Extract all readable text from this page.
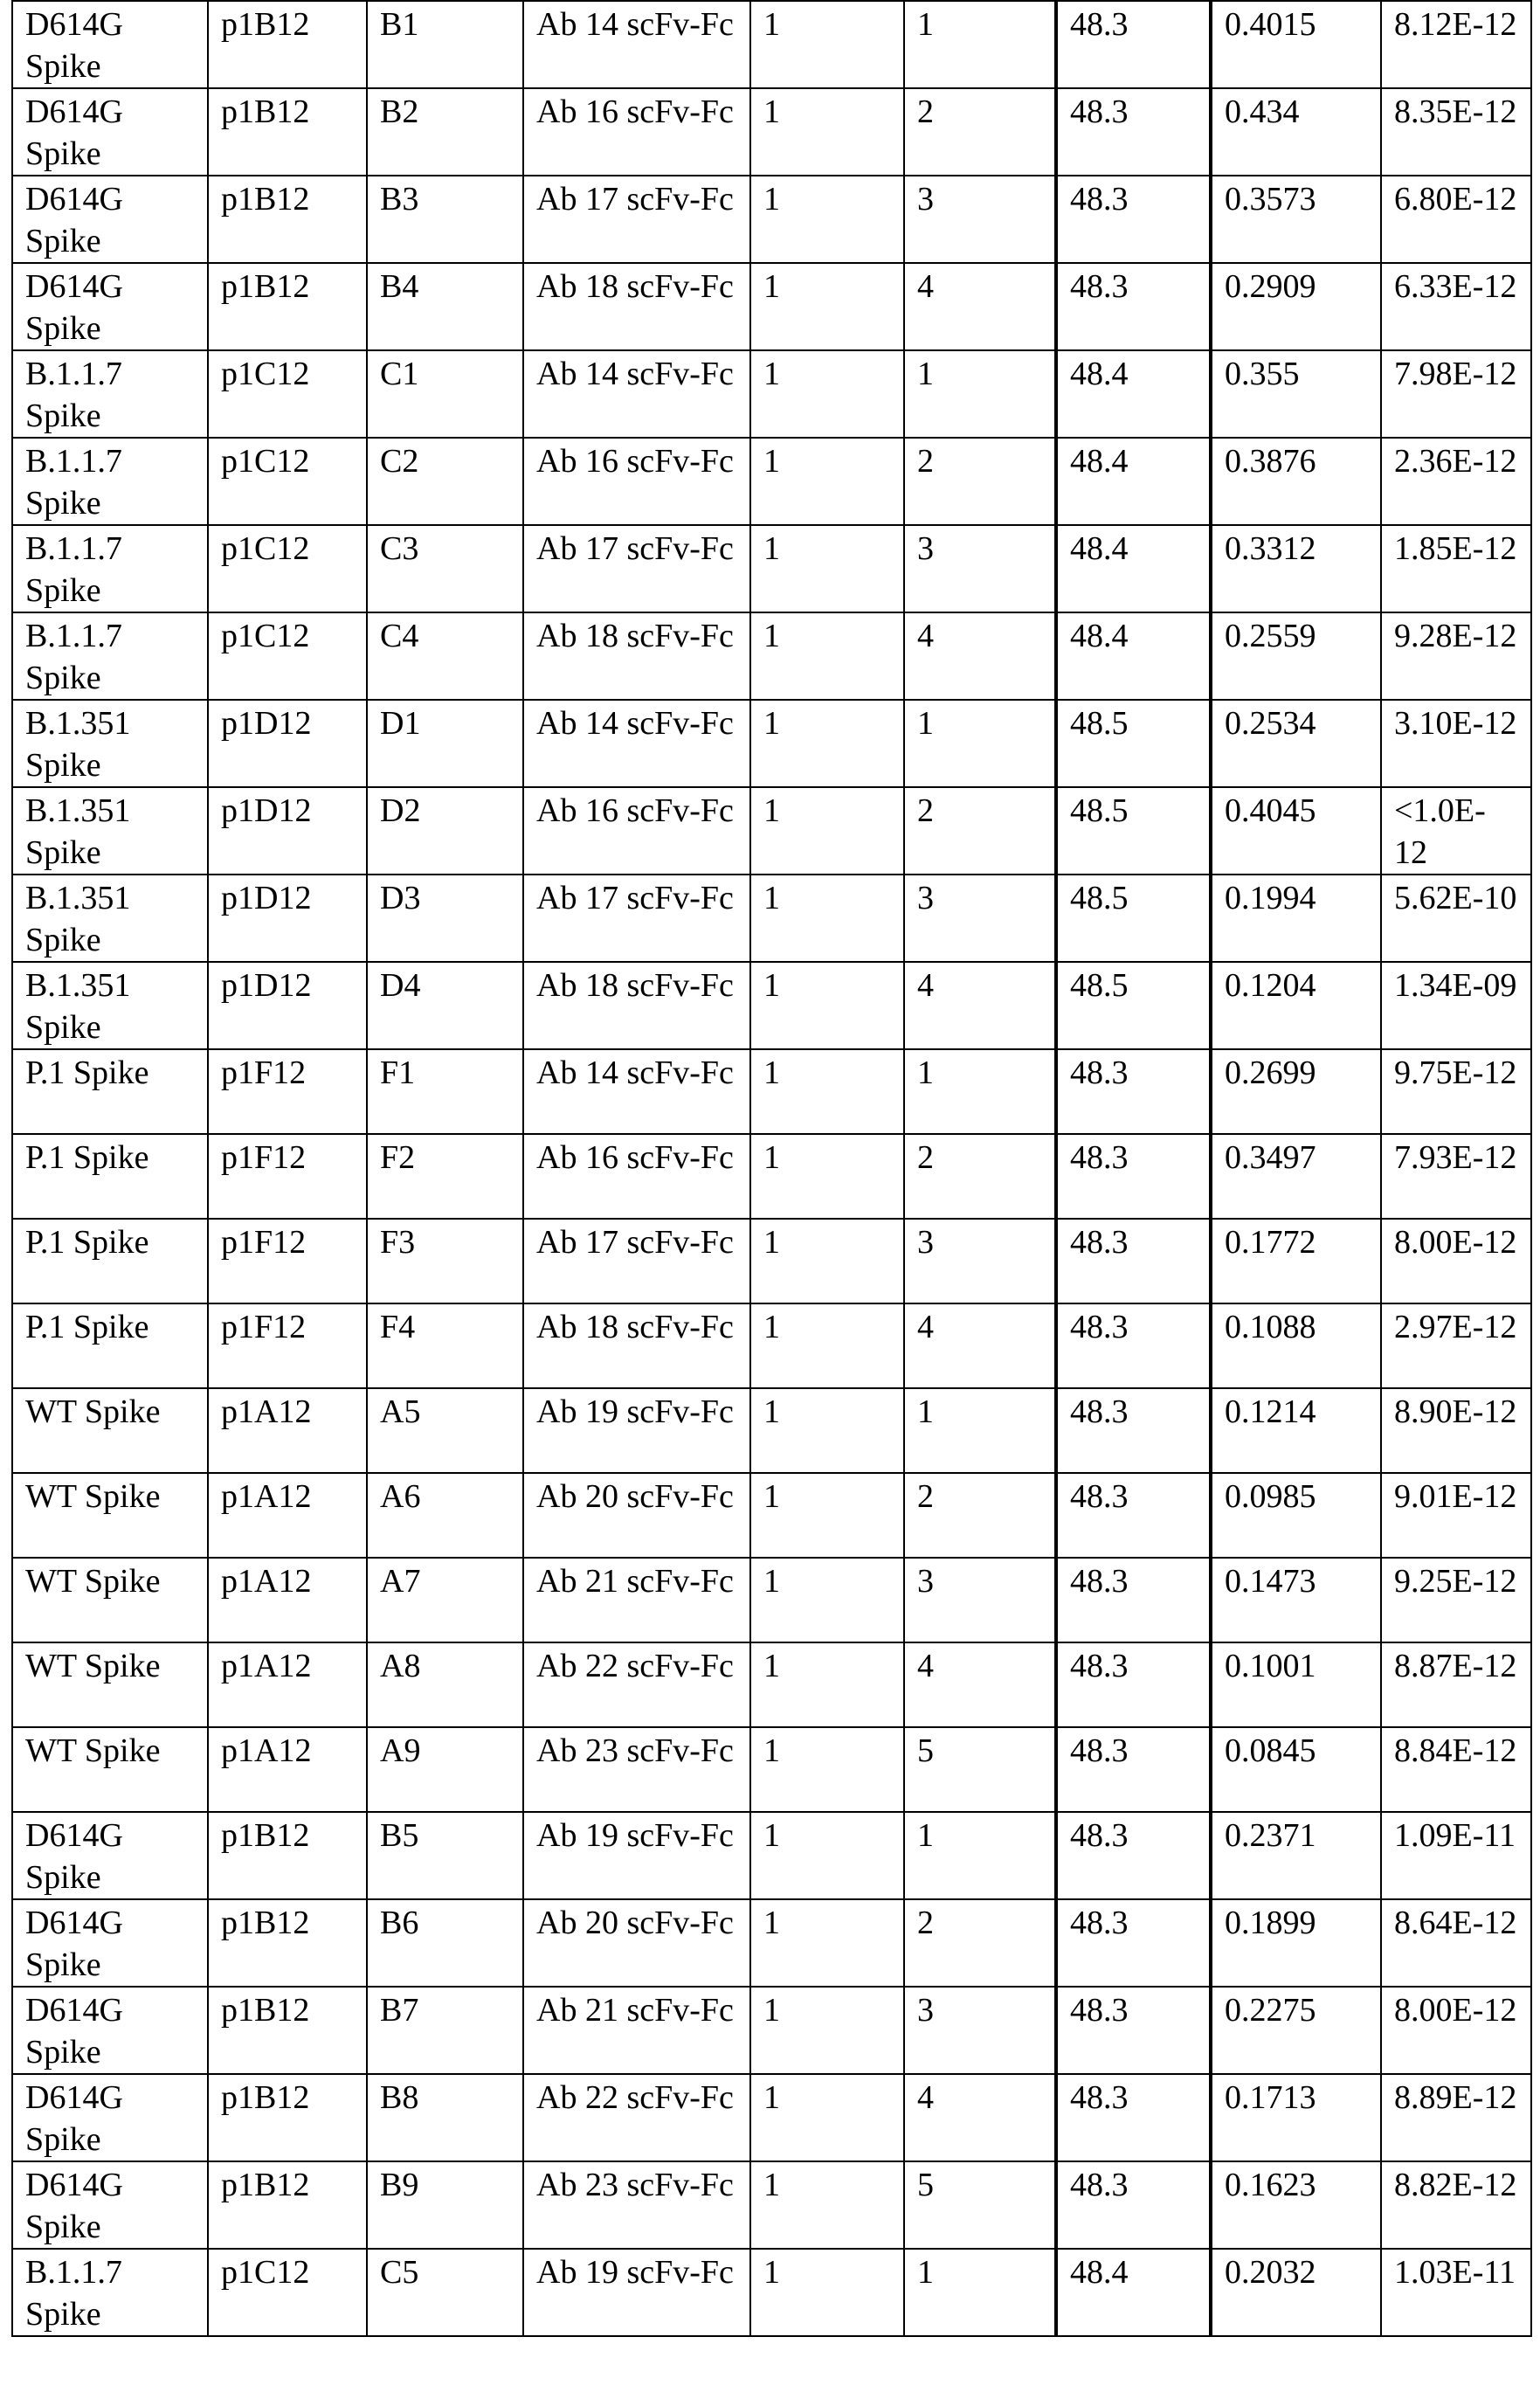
D614G Spike	p1B12	B1	Ab 14 scFv-Fc	1	1	48.3	0.4015	8.12E-12
D614G Spike	p1B12	B2	Ab 16 scFv-Fc	1	2	48.3	0.434	8.35E-12
D614G Spike	p1B12	B3	Ab 17 scFv-Fc	1	3	48.3	0.3573	6.80E-12
D614G Spike	p1B12	B4	Ab 18 scFv-Fc	1	4	48.3	0.2909	6.33E-12
B.1.1.7 Spike	p1C12	C1	Ab 14 scFv-Fc	1	1	48.4	0.355	7.98E-12
B.1.1.7 Spike	p1C12	C2	Ab 16 scFv-Fc	1	2	48.4	0.3876	2.36E-12
B.1.1.7 Spike	p1C12	C3	Ab 17 scFv-Fc	1	3	48.4	0.3312	1.85E-12
B.1.1.7 Spike	p1C12	C4	Ab 18 scFv-Fc	1	4	48.4	0.2559	9.28E-12
B.1.351 Spike	p1D12	D1	Ab 14 scFv-Fc	1	1	48.5	0.2534	3.10E-12
B.1.351 Spike	p1D12	D2	Ab 16 scFv-Fc	1	2	48.5	0.4045	<1.0E-12
B.1.351 Spike	p1D12	D3	Ab 17 scFv-Fc	1	3	48.5	0.1994	5.62E-10
B.1.351 Spike	p1D12	D4	Ab 18 scFv-Fc	1	4	48.5	0.1204	1.34E-09
P.1 Spike	p1F12	F1	Ab 14 scFv-Fc	1	1	48.3	0.2699	9.75E-12
P.1 Spike	p1F12	F2	Ab 16 scFv-Fc	1	2	48.3	0.3497	7.93E-12
P.1 Spike	p1F12	F3	Ab 17 scFv-Fc	1	3	48.3	0.1772	8.00E-12
P.1 Spike	p1F12	F4	Ab 18 scFv-Fc	1	4	48.3	0.1088	2.97E-12
WT Spike	p1A12	A5	Ab 19 scFv-Fc	1	1	48.3	0.1214	8.90E-12
WT Spike	p1A12	A6	Ab 20 scFv-Fc	1	2	48.3	0.0985	9.01E-12
WT Spike	p1A12	A7	Ab 21 scFv-Fc	1	3	48.3	0.1473	9.25E-12
WT Spike	p1A12	A8	Ab 22 scFv-Fc	1	4	48.3	0.1001	8.87E-12
WT Spike	p1A12	A9	Ab 23 scFv-Fc	1	5	48.3	0.0845	8.84E-12
D614G Spike	p1B12	B5	Ab 19 scFv-Fc	1	1	48.3	0.2371	1.09E-11
D614G Spike	p1B12	B6	Ab 20 scFv-Fc	1	2	48.3	0.1899	8.64E-12
D614G Spike	p1B12	B7	Ab 21 scFv-Fc	1	3	48.3	0.2275	8.00E-12
D614G Spike	p1B12	B8	Ab 22 scFv-Fc	1	4	48.3	0.1713	8.89E-12
D614G Spike	p1B12	B9	Ab 23 scFv-Fc	1	5	48.3	0.1623	8.82E-12
B.1.1.7 Spike	p1C12	C5	Ab 19 scFv-Fc	1	1	48.4	0.2032	1.03E-11
